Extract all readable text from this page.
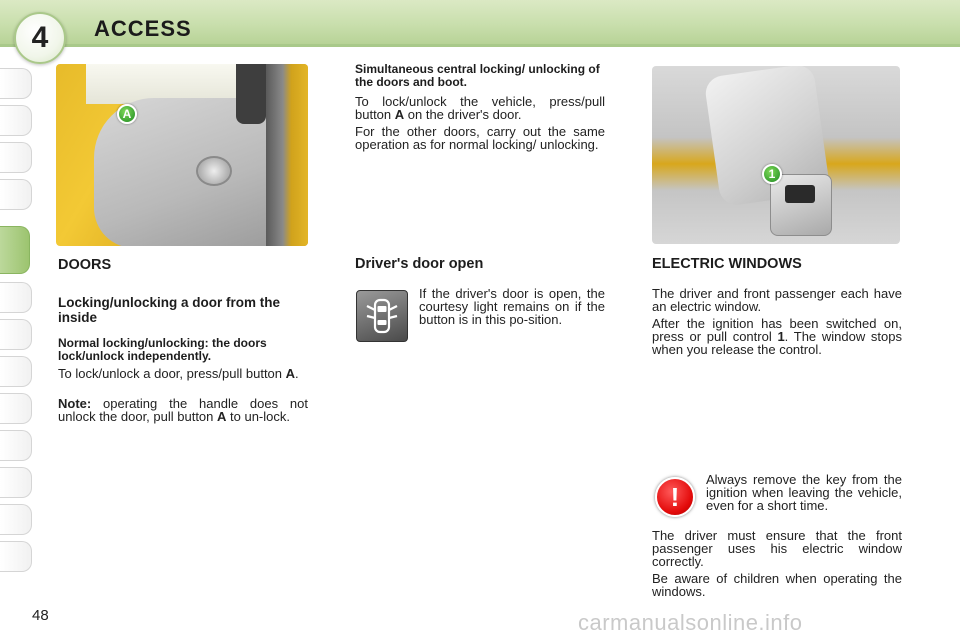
4 ACCESS
A
1
DOORS
Locking/unlocking a door from the inside
Normal locking/unlocking: the doors lock/unlock independently.
To lock/unlock a door, press/pull button A.
Note: operating the handle does not unlock the door, pull button A to un-lock.
Simultaneous central locking/ unlocking of the doors and boot.
To lock/unlock the vehicle, press/pull button A on the driver's door.
For the other doors, carry out the same operation as for normal locking/ unlocking.
Driver's door open
If the driver's door is open, the courtesy light remains on if the button is in this po-sition.
ELECTRIC WINDOWS
The driver and front passenger each have an electric window.
After the ignition has been switched on, press or pull control 1. The window stops when you release the control.
!
Always remove the key from the ignition when leaving the vehicle, even for a short time.
The driver must ensure that the front passenger uses his electric window correctly.
Be aware of children when operating the windows.
48	carmanualsonline.info
